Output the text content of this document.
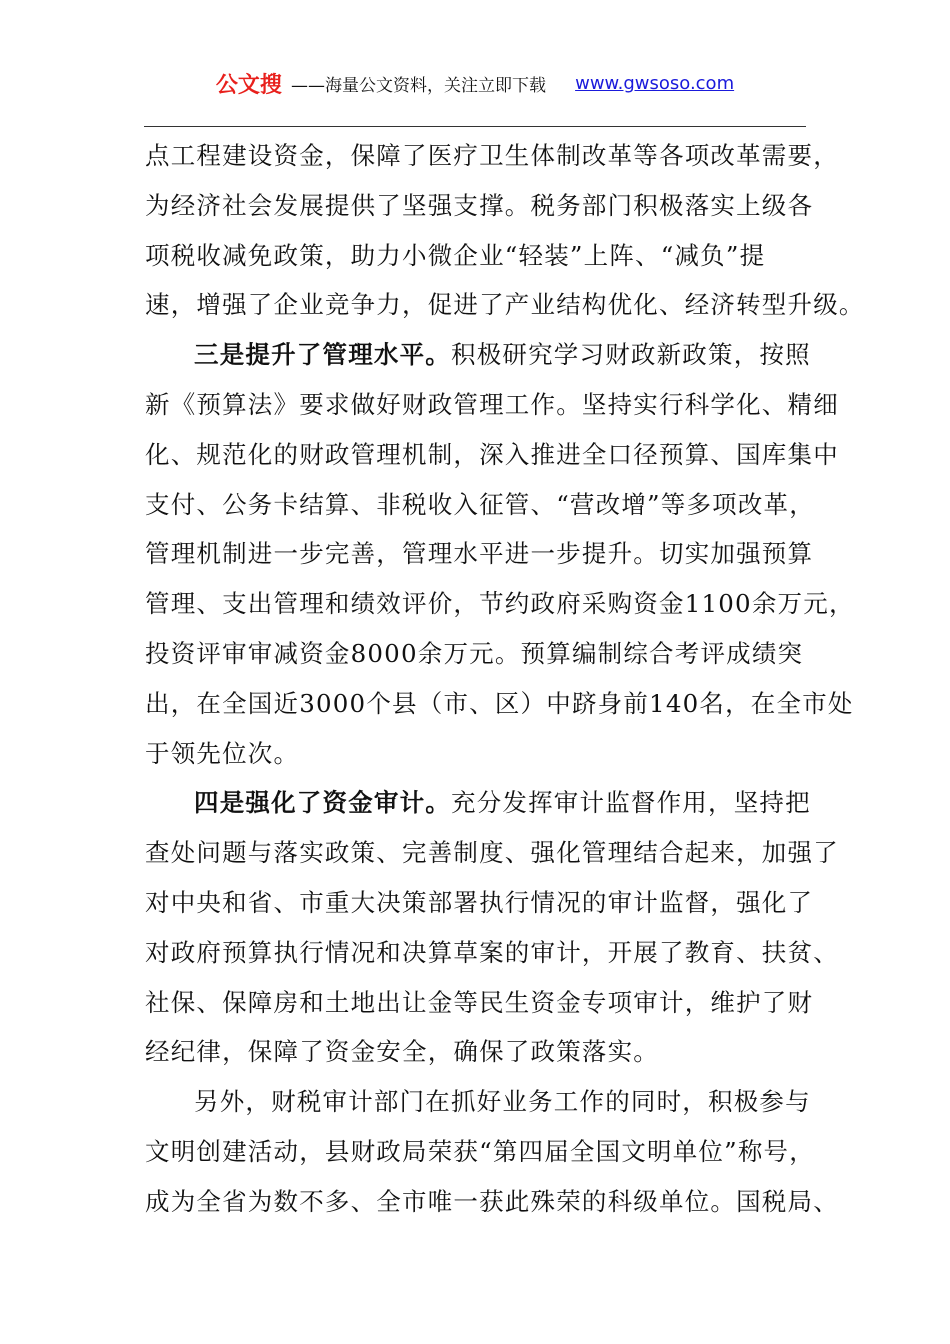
公文搜 ——海量公文资料，关注立即下载 www.gwsoso.com
点工程建设资金，保障了医疗卫生体制改革等各项改革需要，
为经济社会发展提供了坚强支撑。税务部门积极落实上级各
项税收减免政策，助力小微企业“轻装”上阵、“减负”提
速，增强了企业竞争力，促进了产业结构优化、经济转型升级。
三是提升了管理水平。积极研究学习财政新政策，按照
新《预算法》要求做好财政管理工作。坚持实行科学化、精细
化、规范化的财政管理机制，深入推进全口径预算、国库集中
支付、公务卡结算、非税收入征管、“营改增”等多项改革，
管理机制进一步完善，管理水平进一步提升。切实加强预算
管理、支出管理和绩效评价，节约政府采购资金1100余万元，
投资评审审减资金8000余万元。预算编制综合考评成绩突
出，在全国近3000个县（市、区）中跻身前140名，在全市处
于领先位次。
四是强化了资金审计。充分发挥审计监督作用，坚持把
查处问题与落实政策、完善制度、强化管理结合起来，加强了
对中央和省、市重大决策部署执行情况的审计监督，强化了
对政府预算执行情况和决算草案的审计，开展了教育、扶贫、
社保、保障房和土地出让金等民生资金专项审计，维护了财
经纪律，保障了资金安全，确保了政策落实。
另外，财税审计部门在抓好业务工作的同时，积极参与
文明创建活动，县财政局荣获“第四届全国文明单位”称号，
成为全省为数不多、全市唯一获此殊荣的科级单位。国税局、
